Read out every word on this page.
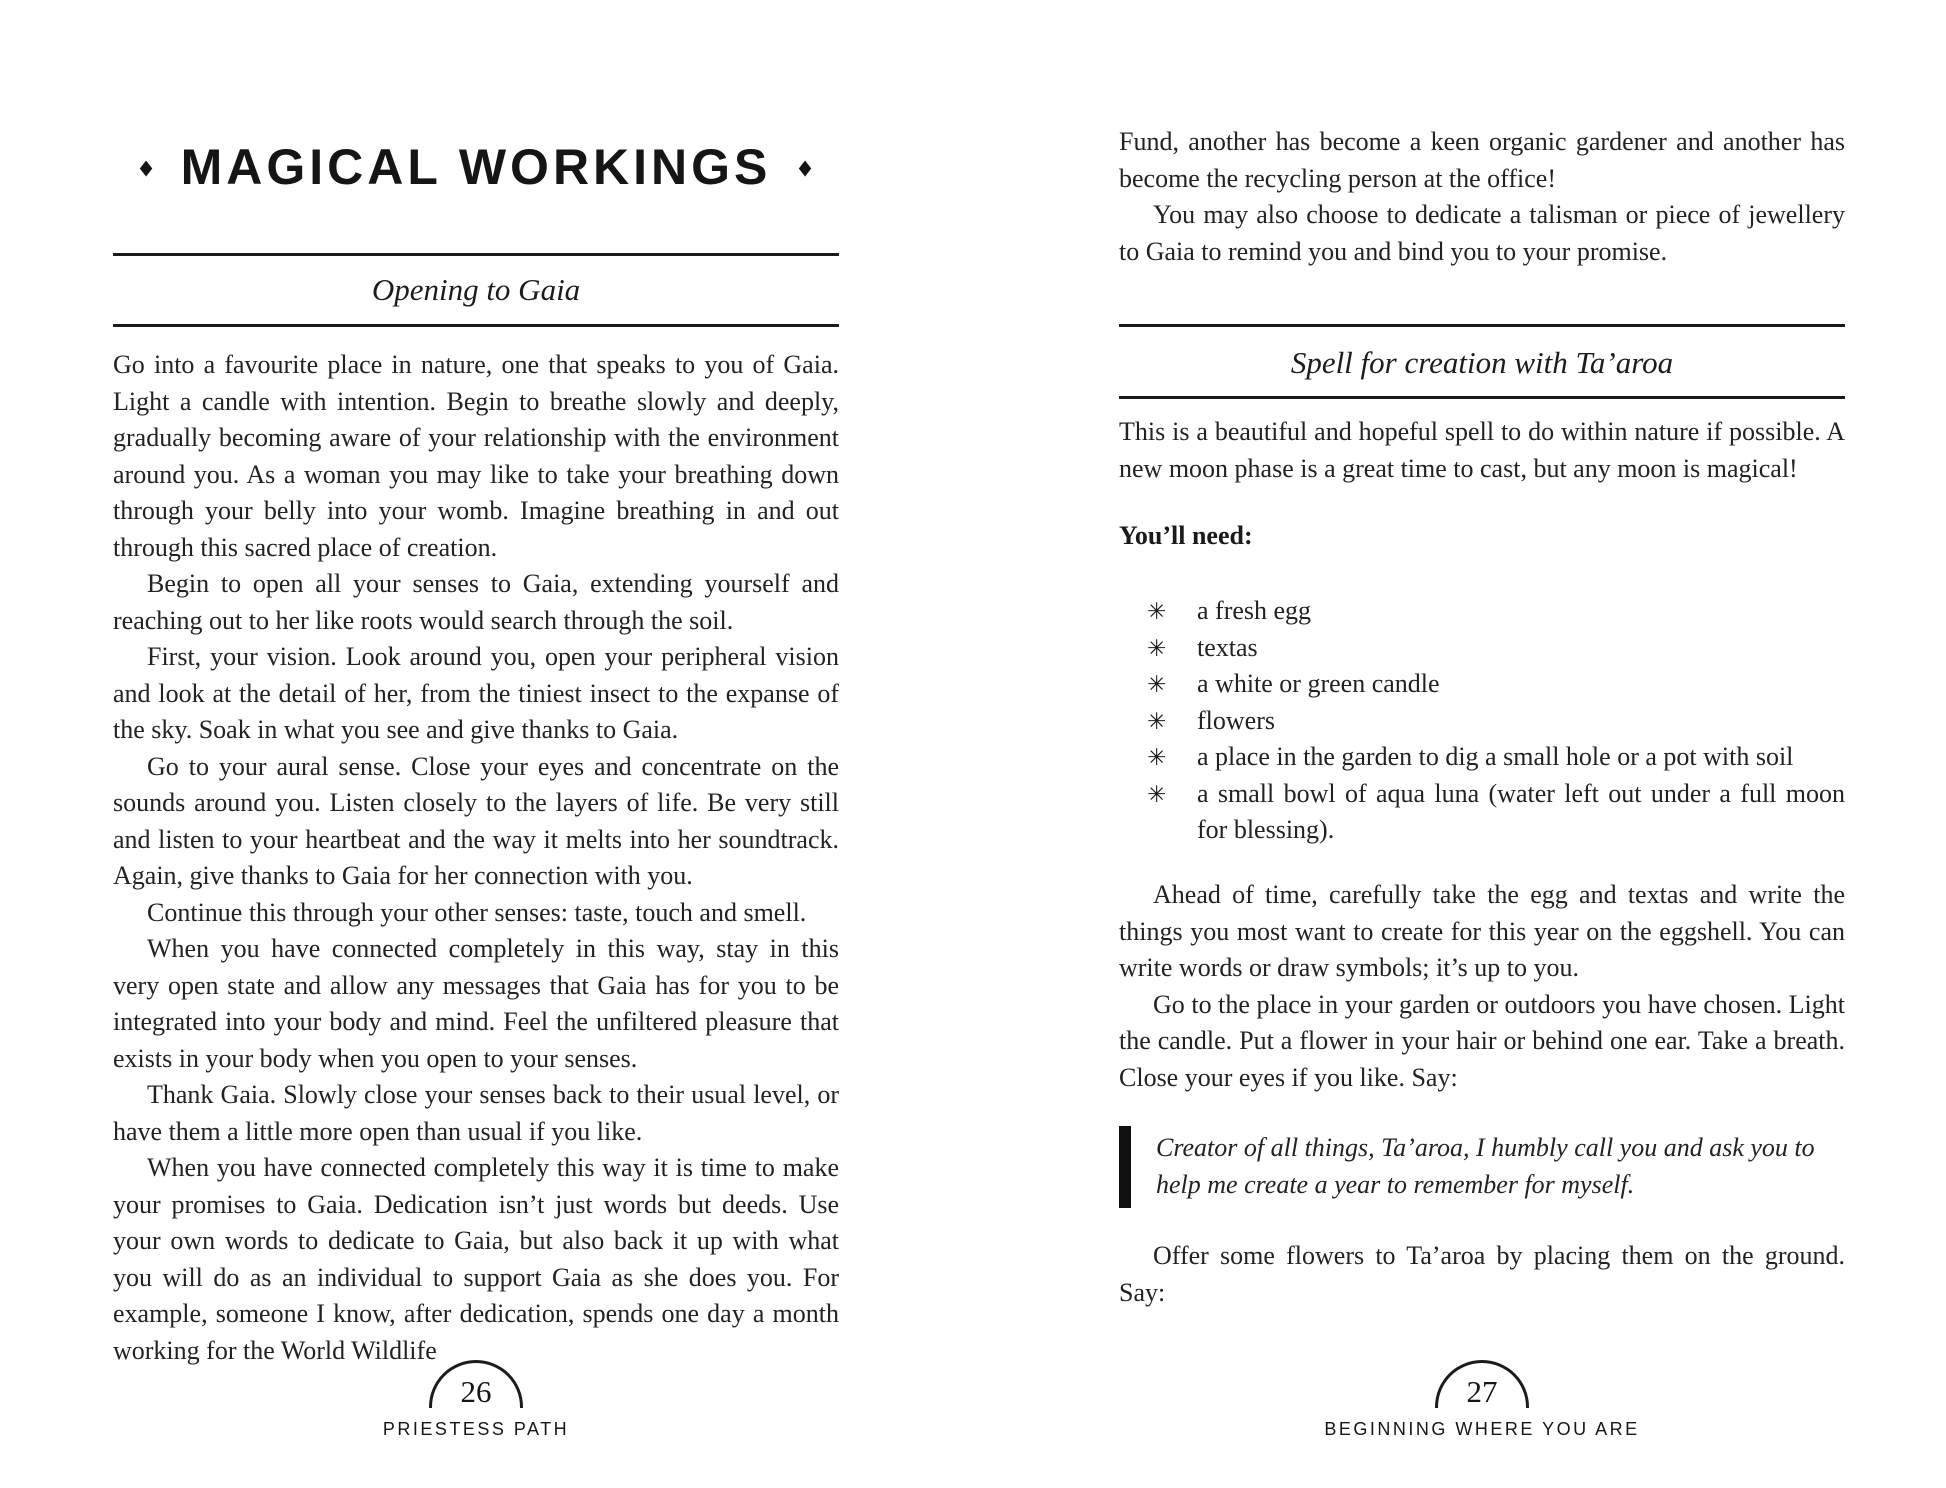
◆ MAGICAL WORKINGS ◆
Opening to Gaia

Go into a favourite place in nature, one that speaks to you of Gaia. Light a candle with intention. Begin to breathe slowly and deeply, gradually becoming aware of your relationship with the environment around you. As a woman you may like to take your breathing down through your belly into your womb. Imagine breathing in and out through this sacred place of creation.

Begin to open all your senses to Gaia, extending yourself and reaching out to her like roots would search through the soil.

First, your vision. Look around you, open your peripheral vision and look at the detail of her, from the tiniest insect to the expanse of the sky. Soak in what you see and give thanks to Gaia.

Go to your aural sense. Close your eyes and concentrate on the sounds around you. Listen closely to the layers of life. Be very still and listen to your heartbeat and the way it melts into her soundtrack. Again, give thanks to Gaia for her connection with you.

Continue this through your other senses: taste, touch and smell.

When you have connected completely in this way, stay in this very open state and allow any messages that Gaia has for you to be integrated into your body and mind. Feel the unfiltered pleasure that exists in your body when you open to your senses.

Thank Gaia. Slowly close your senses back to their usual level, or have them a little more open than usual if you like.

When you have connected completely this way it is time to make your promises to Gaia. Dedication isn’t just words but deeds. Use your own words to dedicate to Gaia, but also back it up with what you will do as an individual to support Gaia as she does you. For example, someone I know, after dedication, spends one day a month working for the World Wildlife

26
PRIESTESS PATH

Fund, another has become a keen organic gardener and another has become the recycling person at the office!

You may also choose to dedicate a talisman or piece of jewellery to Gaia to remind you and bind you to your promise.

Spell for creation with Ta’aroa

This is a beautiful and hopeful spell to do within nature if possible. A new moon phase is a great time to cast, but any moon is magical!

You’ll need:
✳ a fresh egg
✳ textas
✳ a white or green candle
✳ flowers
✳ a place in the garden to dig a small hole or a pot with soil
✳ a small bowl of aqua luna (water left out under a full moon for blessing).

Ahead of time, carefully take the egg and textas and write the things you most want to create for this year on the eggshell. You can write words or draw symbols; it’s up to you.

Go to the place in your garden or outdoors you have chosen. Light the candle. Put a flower in your hair or behind one ear. Take a breath. Close your eyes if you like. Say:

Creator of all things, Ta’aroa, I humbly call you and ask you to help me create a year to remember for myself.

Offer some flowers to Ta’aroa by placing them on the ground. Say:

27
BEGINNING WHERE YOU ARE
